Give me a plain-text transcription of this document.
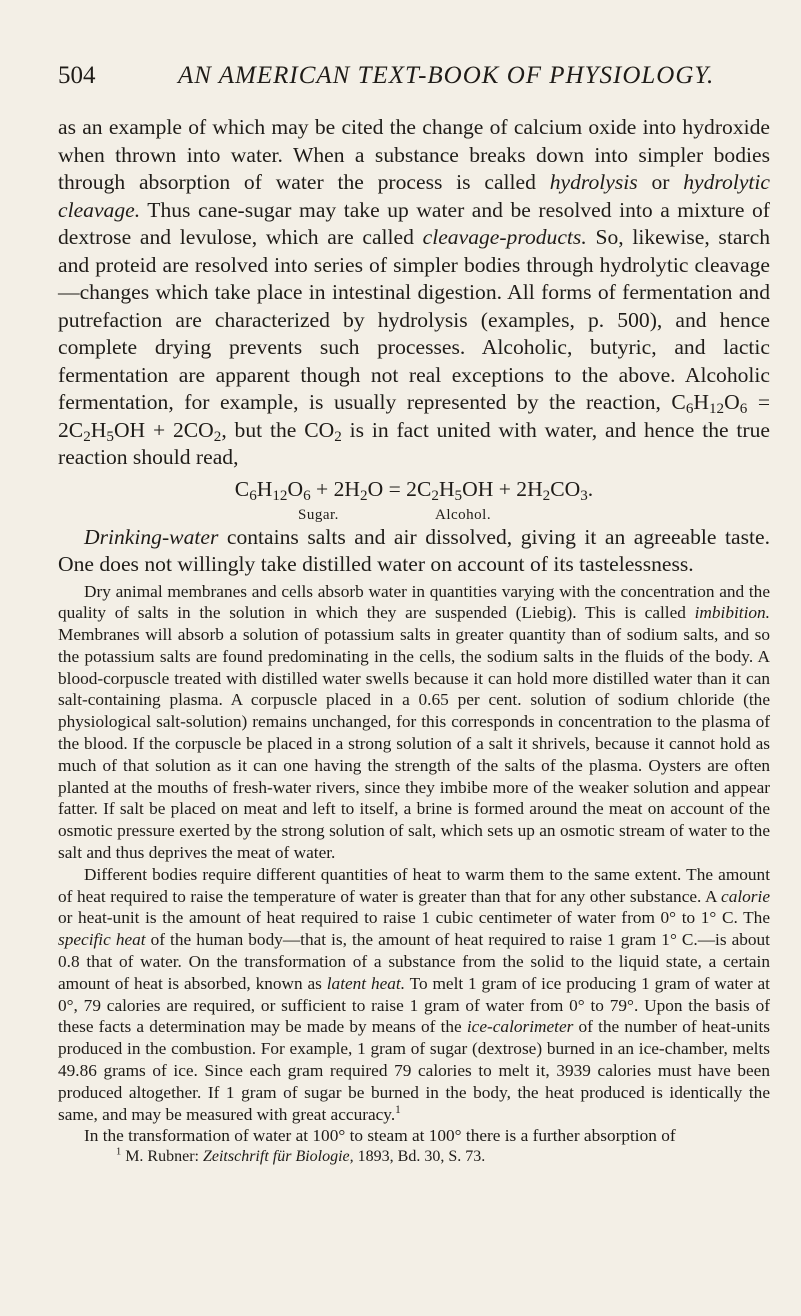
504	AN AMERICAN TEXT-BOOK OF PHYSIOLOGY.

as an example of which may be cited the change of calcium oxide into hydroxide when thrown into water. When a substance breaks down into simpler bodies through absorption of water the process is called hydrolysis or hydrolytic cleavage. Thus cane-sugar may take up water and be resolved into a mixture of dextrose and levulose, which are called cleavage-products. So, likewise, starch and proteid are resolved into series of simpler bodies through hydrolytic cleavage—changes which take place in intestinal digestion. All forms of fermentation and putrefaction are characterized by hydrolysis (examples, p. 500), and hence complete drying prevents such processes. Alcoholic, butyric, and lactic fermentation are apparent though not real exceptions to the above. Alcoholic fermentation, for example, is usually represented by the reaction, $C_6H_{12}O_6 = 2C_2H_5OH + 2CO_2$, but the $CO_2$ is in fact united with water, and hence the true reaction should read,

$C_6H_{12}O_6 + 2H_2O = 2C_2H_5OH + 2H_2CO_3$.
Sugar.	Alcohol.

Drinking-water contains salts and air dissolved, giving it an agreeable taste. One does not willingly take distilled water on account of its tastelessness.

Dry animal membranes and cells absorb water in quantities varying with the concentration and the quality of salts in the solution in which they are suspended (Liebig). This is called imbibition. Membranes will absorb a solution of potassium salts in greater quantity than of sodium salts, and so the potassium salts are found predominating in the cells, the sodium salts in the fluids of the body. A blood-corpuscle treated with distilled water swells because it can hold more distilled water than it can salt-containing plasma. A corpuscle placed in a 0.65 per cent. solution of sodium chloride (the physiological salt-solution) remains unchanged, for this corresponds in concentration to the plasma of the blood. If the corpuscle be placed in a strong solution of a salt it shrivels, because it cannot hold as much of that solution as it can one having the strength of the salts of the plasma. Oysters are often planted at the mouths of fresh-water rivers, since they imbibe more of the weaker solution and appear fatter. If salt be placed on meat and left to itself, a brine is formed around the meat on account of the osmotic pressure exerted by the strong solution of salt, which sets up an osmotic stream of water to the salt and thus deprives the meat of water.

Different bodies require different quantities of heat to warm them to the same extent. The amount of heat required to raise the temperature of water is greater than that for any other substance. A calorie or heat-unit is the amount of heat required to raise 1 cubic centimeter of water from 0° to 1° C. The specific heat of the human body—that is, the amount of heat required to raise 1 gram 1° C.—is about 0.8 that of water. On the transformation of a substance from the solid to the liquid state, a certain amount of heat is absorbed, known as latent heat. To melt 1 gram of ice producing 1 gram of water at 0°, 79 calories are required, or sufficient to raise 1 gram of water from 0° to 79°. Upon the basis of these facts a determination may be made by means of the ice-calorimeter of the number of heat-units produced in the combustion. For example, 1 gram of sugar (dextrose) burned in an ice-chamber, melts 49.86 grams of ice. Since each gram required 79 calories to melt it, 3939 calories must have been produced altogether. If 1 gram of sugar be burned in the body, the heat produced is identically the same, and may be measured with great accuracy.$^1$

In the transformation of water at 100° to steam at 100° there is a further absorption of

$^1$ M. Rubner: Zeitschrift für Biologie, 1893, Bd. 30, S. 73.
